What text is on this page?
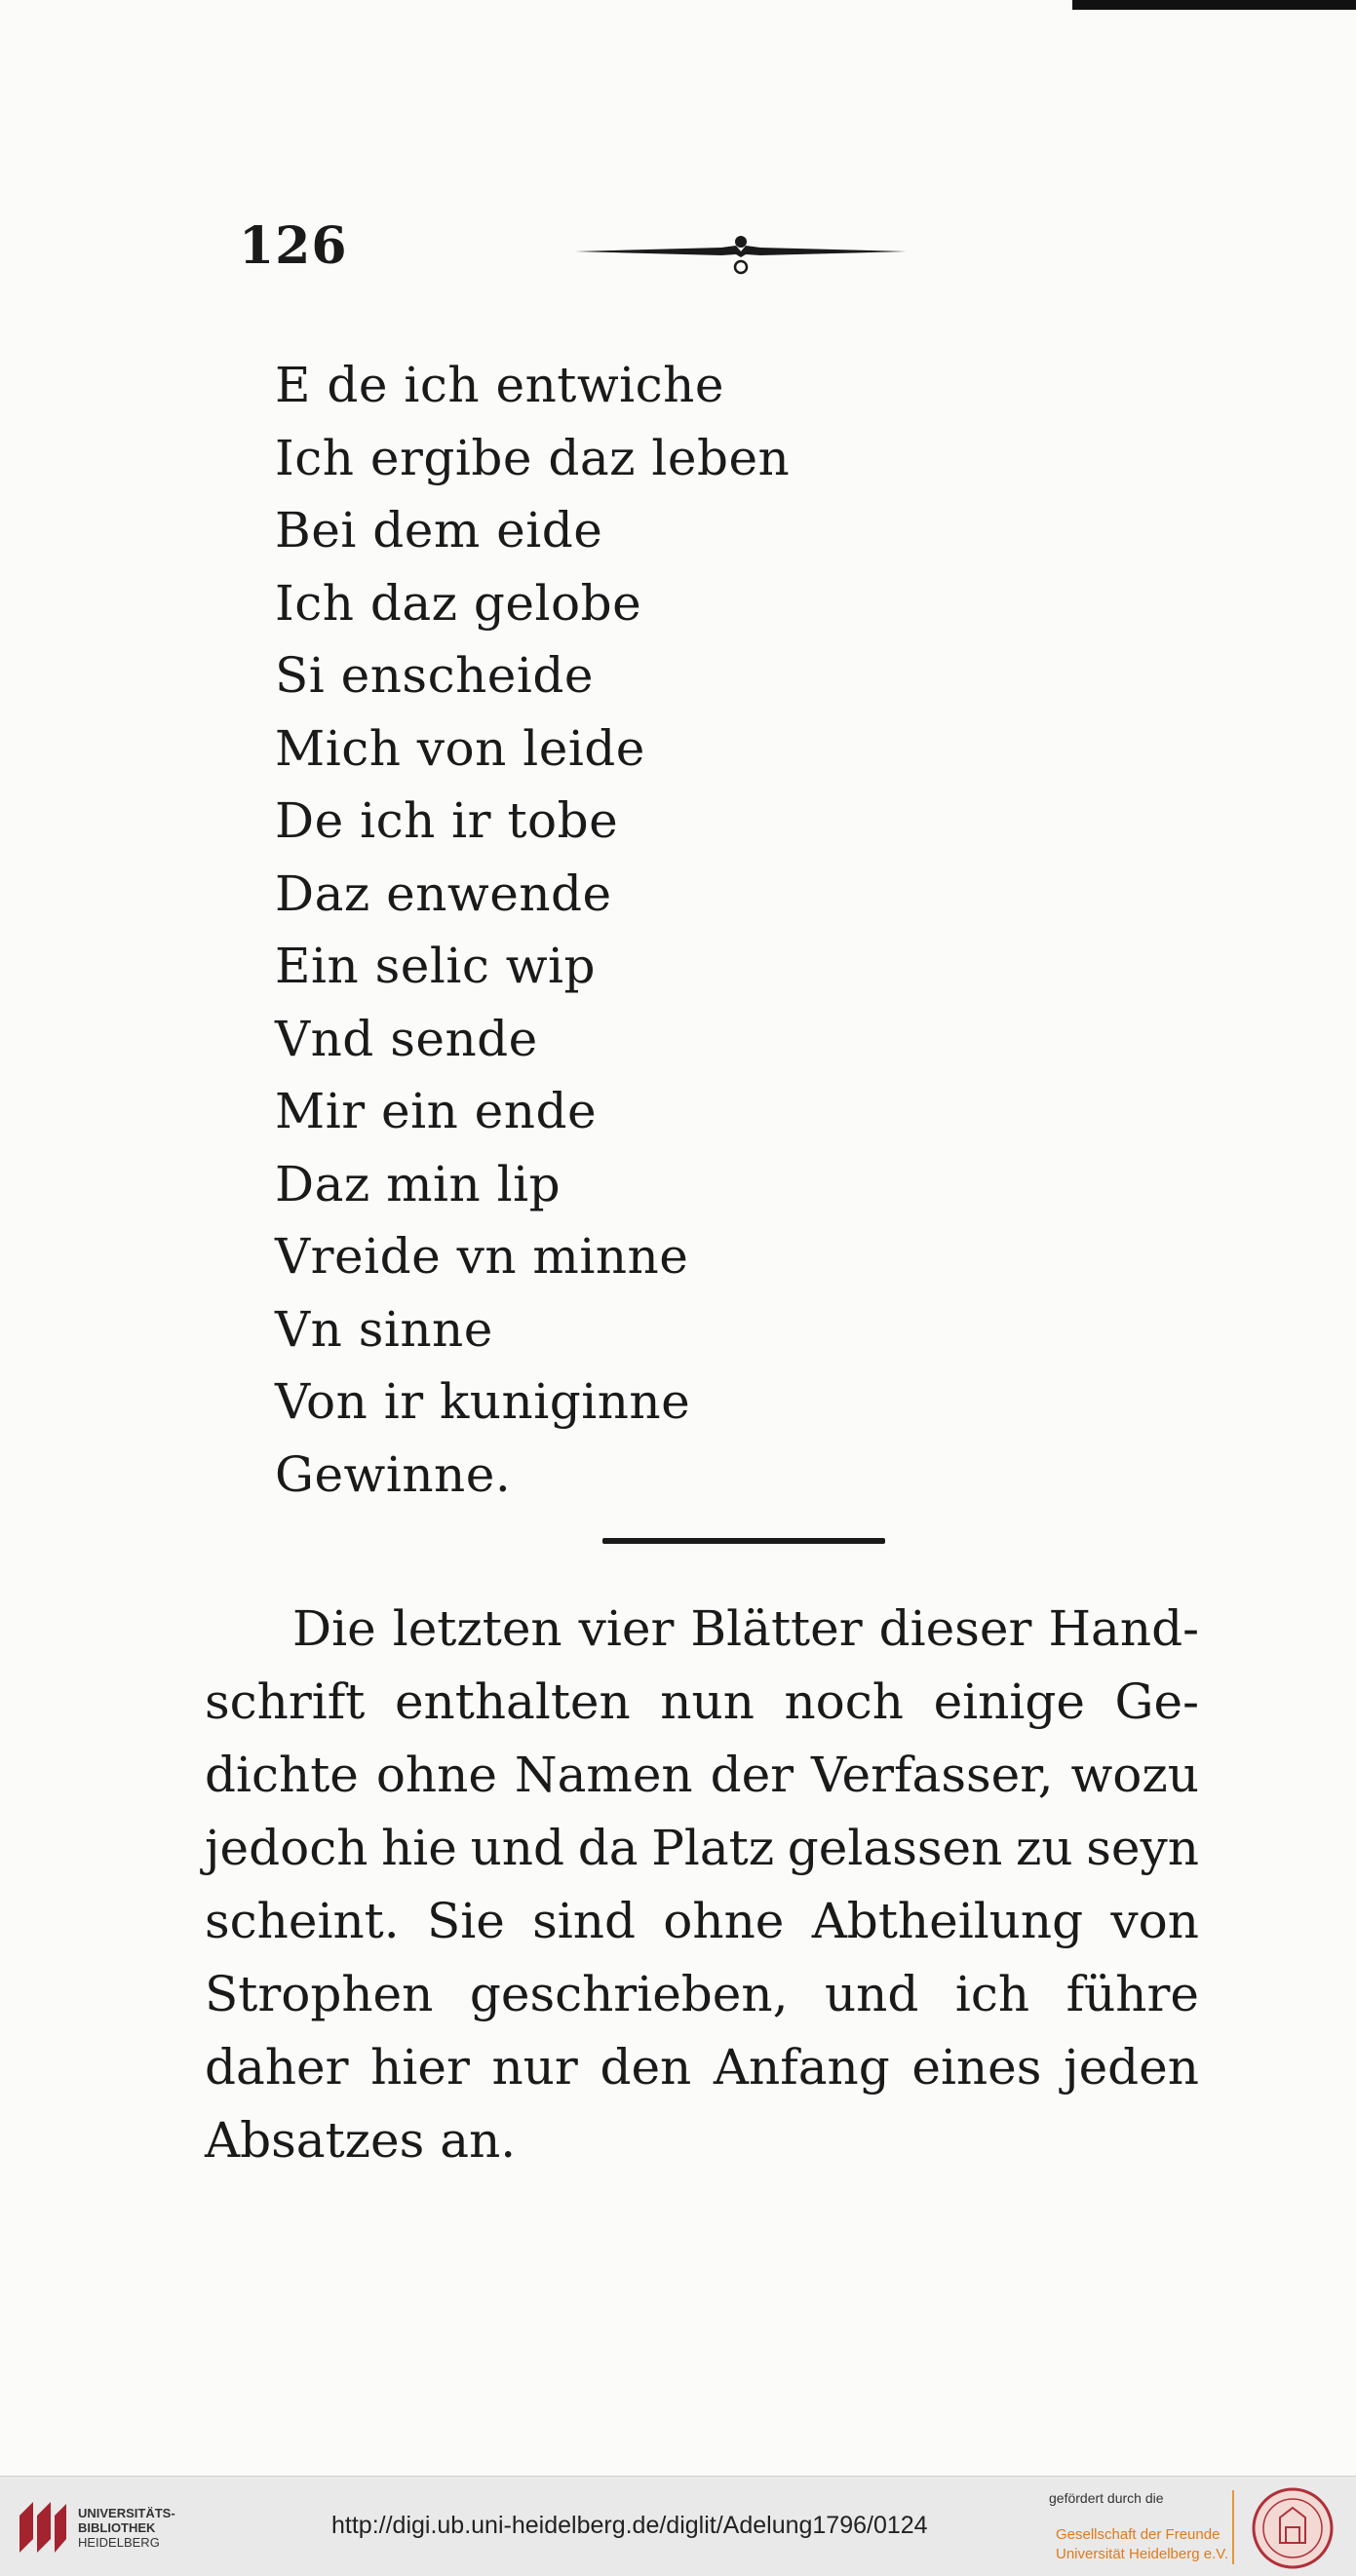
126
E de ich entwiche
Ich ergibe daz leben
Bei dem eide
Ich daz gelobe
Si enscheide
Mich von leide
De ich ir tobe
Daz enwende
Ein selic wip
Vnd sende
Mir ein ende
Daz min lip
Vreide vn minne
Vn sinne
Von ir kuniginne
Gewinne.
Die letzten vier Blätter dieser Hand-
schrift enthalten nun noch einige Ge-
dichte ohne Namen der Verfasser, wozu
jedoch hie und da Platz gelassen zu seyn
scheint. Sie sind ohne Abtheilung von
Strophen geschrieben, und ich führe
daher hier nur den Anfang eines jeden
Absatzes an.
UNIVERSITÄTS-
BIBLIOTHEK
HEIDELBERG
http://digi.ub.uni-heidelberg.de/diglit/Adelung1796/0124
gefördert durch die
Gesellschaft der Freunde
Universität Heidelberg e.V.
